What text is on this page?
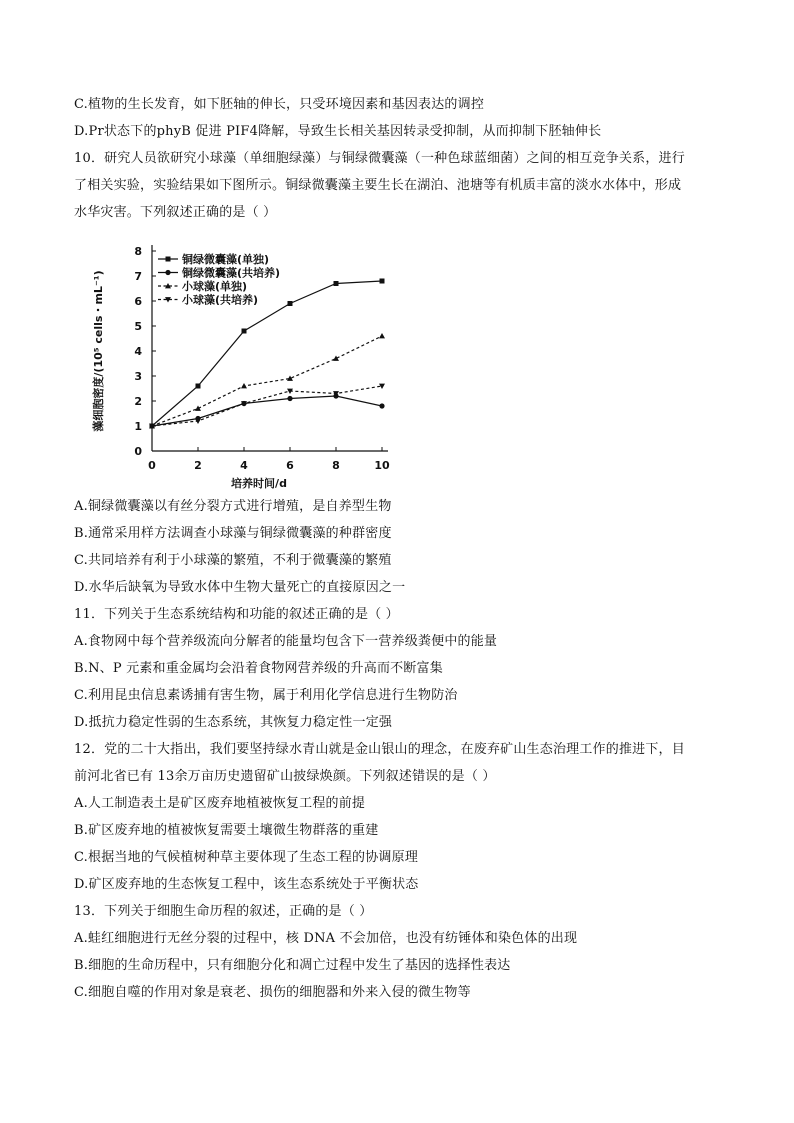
C.植物的生长发育，如下胚轴的伸长，只受环境因素和基因表达的调控
D.Pr状态下的phyB 促进 PIF4降解，导致生长相关基因转录受抑制，从而抑制下胚轴伸长
10．研究人员欲研究小球藻（单细胞绿藻）与铜绿微囊藻（一种色球蓝细菌）之间的相互竞争关系，进行
了相关实验，实验结果如下图所示。铜绿微囊藻主要生长在湖泊、池塘等有机质丰富的淡水水体中，形成
水华灾害。下列叙述正确的是（ ）
0
1
2
3
4
5
6
7
8
0	2	4	6	8	10
培养时间/d
藻细胞密度/(10⁵ cells・mL⁻¹)
铜绿微囊藻(单独)
铜绿微囊藻(共培养)
小球藻(单独)
小球藻(共培养)
A.铜绿微囊藻以有丝分裂方式进行增殖，是自养型生物
B.通常采用样方法调查小球藻与铜绿微囊藻的种群密度
C.共同培养有利于小球藻的繁殖，不利于微囊藻的繁殖
D.水华后缺氧为导致水体中生物大量死亡的直接原因之一
11．下列关于生态系统结构和功能的叙述正确的是（ ）
A.食物网中每个营养级流向分解者的能量均包含下一营养级粪便中的能量
B.N、P 元素和重金属均会沿着食物网营养级的升高而不断富集
C.利用昆虫信息素诱捕有害生物，属于利用化学信息进行生物防治
D.抵抗力稳定性弱的生态系统，其恢复力稳定性一定强
12．党的二十大指出，我们要坚持绿水青山就是金山银山的理念，在废弃矿山生态治理工作的推进下，目
前河北省已有 13余万亩历史遗留矿山披绿焕颜。下列叙述错误的是（ ）
A.人工制造表土是矿区废弃地植被恢复工程的前提
B.矿区废弃地的植被恢复需要土壤微生物群落的重建
C.根据当地的气候植树种草主要体现了生态工程的协调原理
D.矿区废弃地的生态恢复工程中，该生态系统处于平衡状态
13．下列关于细胞生命历程的叙述，正确的是（ ）
A.蛙红细胞进行无丝分裂的过程中，核 DNA 不会加倍，也没有纺锤体和染色体的出现
B.细胞的生命历程中，只有细胞分化和凋亡过程中发生了基因的选择性表达
C.细胞自噬的作用对象是衰老、损伤的细胞器和外来入侵的微生物等
